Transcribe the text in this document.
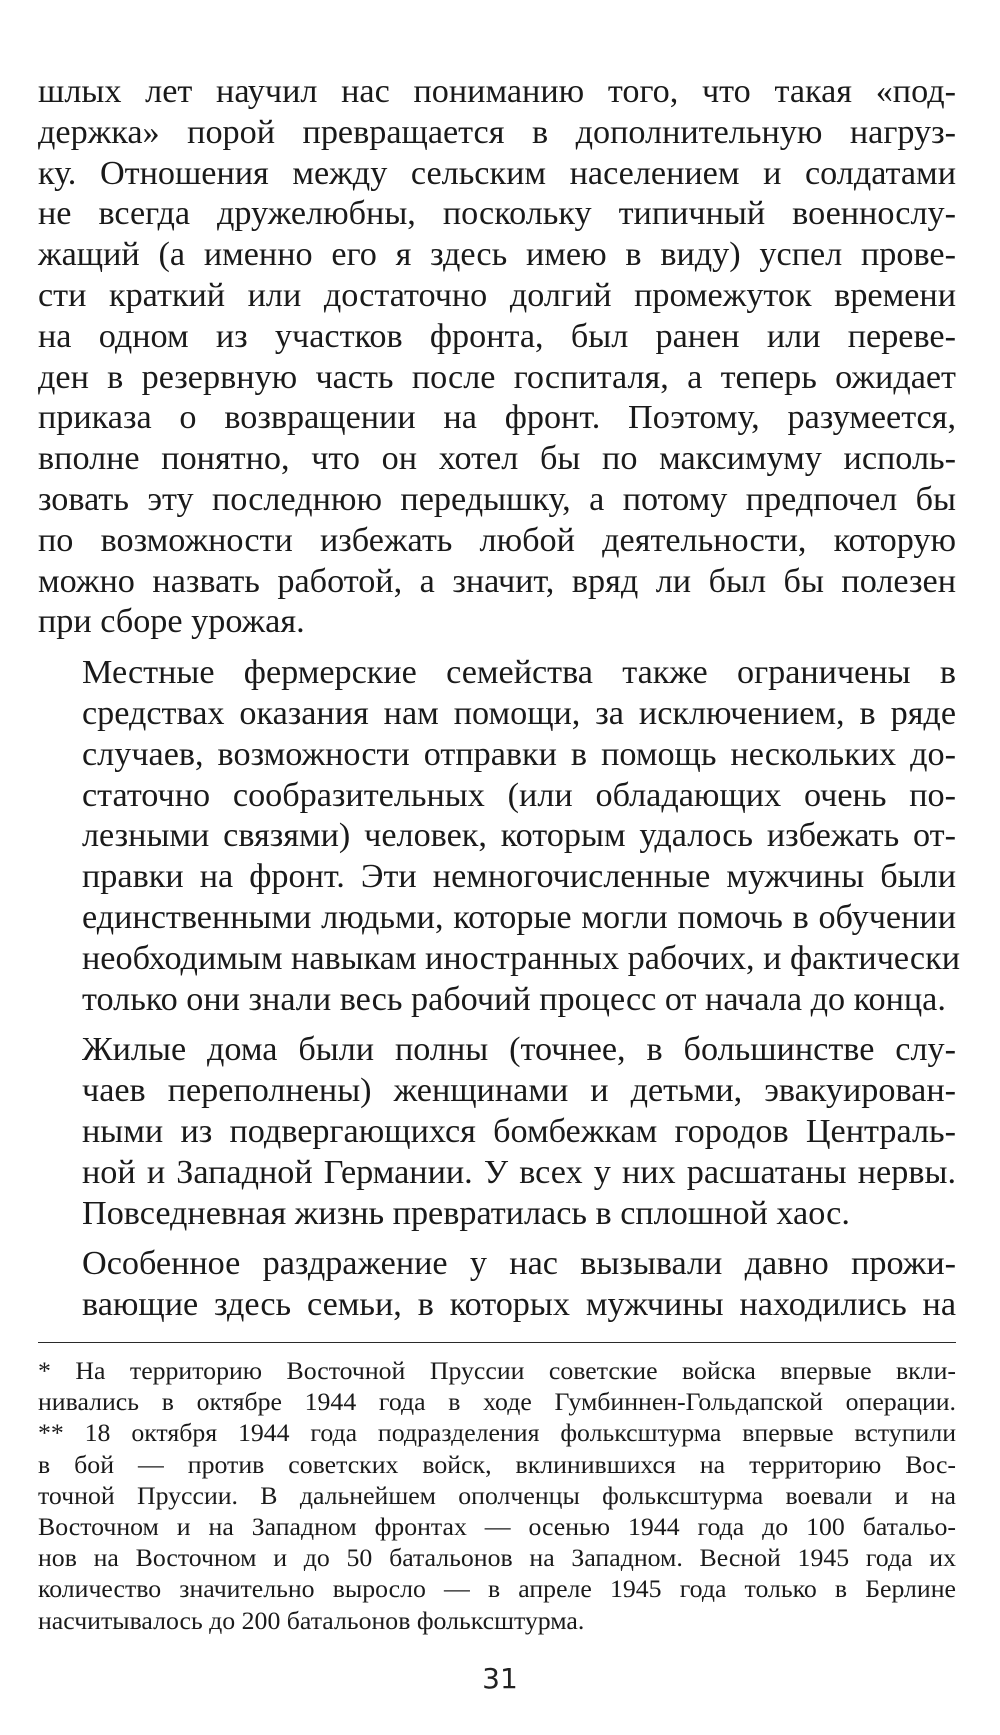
шлых лет научил нас пониманию того, что такая «под-
держка» порой превращается в дополнительную нагруз-
ку. Отношения между сельским населением и солдатами
не всегда дружелюбны, поскольку типичный военнослу-
жащий (а именно его я здесь имею в виду) успел прове-
сти краткий или достаточно долгий промежуток времени
на одном из участков фронта, был ранен или переве-
ден в резервную часть после госпиталя, а теперь ожидает
приказа о возвращении на фронт. Поэтому, разумеется,
вполне понятно, что он хотел бы по максимуму исполь-
зовать эту последнюю передышку, а потому предпочел бы
по возможности избежать любой деятельности, которую
можно назвать работой, а значит, вряд ли был бы полезен
при сборе урожая.

Местные фермерские семейства также ограничены в
средствах оказания нам помощи, за исключением, в ряде
случаев, возможности отправки в помощь нескольких до-
статочно сообразительных (или обладающих очень по-
лезными связями) человек, которым удалось избежать от-
правки на фронт. Эти немногочисленные мужчины были
единственными людьми, которые могли помочь в обучении
необходимым навыкам иностранных рабочих, и фактически
только они знали весь рабочий процесс от начала до конца.

Жилые дома были полны (точнее, в большинстве слу-
чаев переполнены) женщинами и детьми, эвакуирован-
ными из подвергающихся бомбежкам городов Централь-
ной и Западной Германии. У всех у них расшатаны нервы.
Повседневная жизнь превратилась в сплошной хаос.

Особенное раздражение у нас вызывали давно прожи-
вающие здесь семьи, в которых мужчины находились на

* На территорию Восточной Пруссии советские войска впервые вкли-
нивались в октябре 1944 года в ходе Гумбиннен-Гольдапской операции.
** 18 октября 1944 года подразделения фольксштурма впервые вступили
в бой — против советских войск, вклинившихся на территорию Вос-
точной Пруссии. В дальнейшем ополченцы фольксштурма воевали и на
Восточном и на Западном фронтах — осенью 1944 года до 100 батальо-
нов на Восточном и до 50 батальонов на Западном. Весной 1945 года их
количество значительно выросло — в апреле 1945 года только в Берлине
насчитывалось до 200 батальонов фольксштурма.
31
